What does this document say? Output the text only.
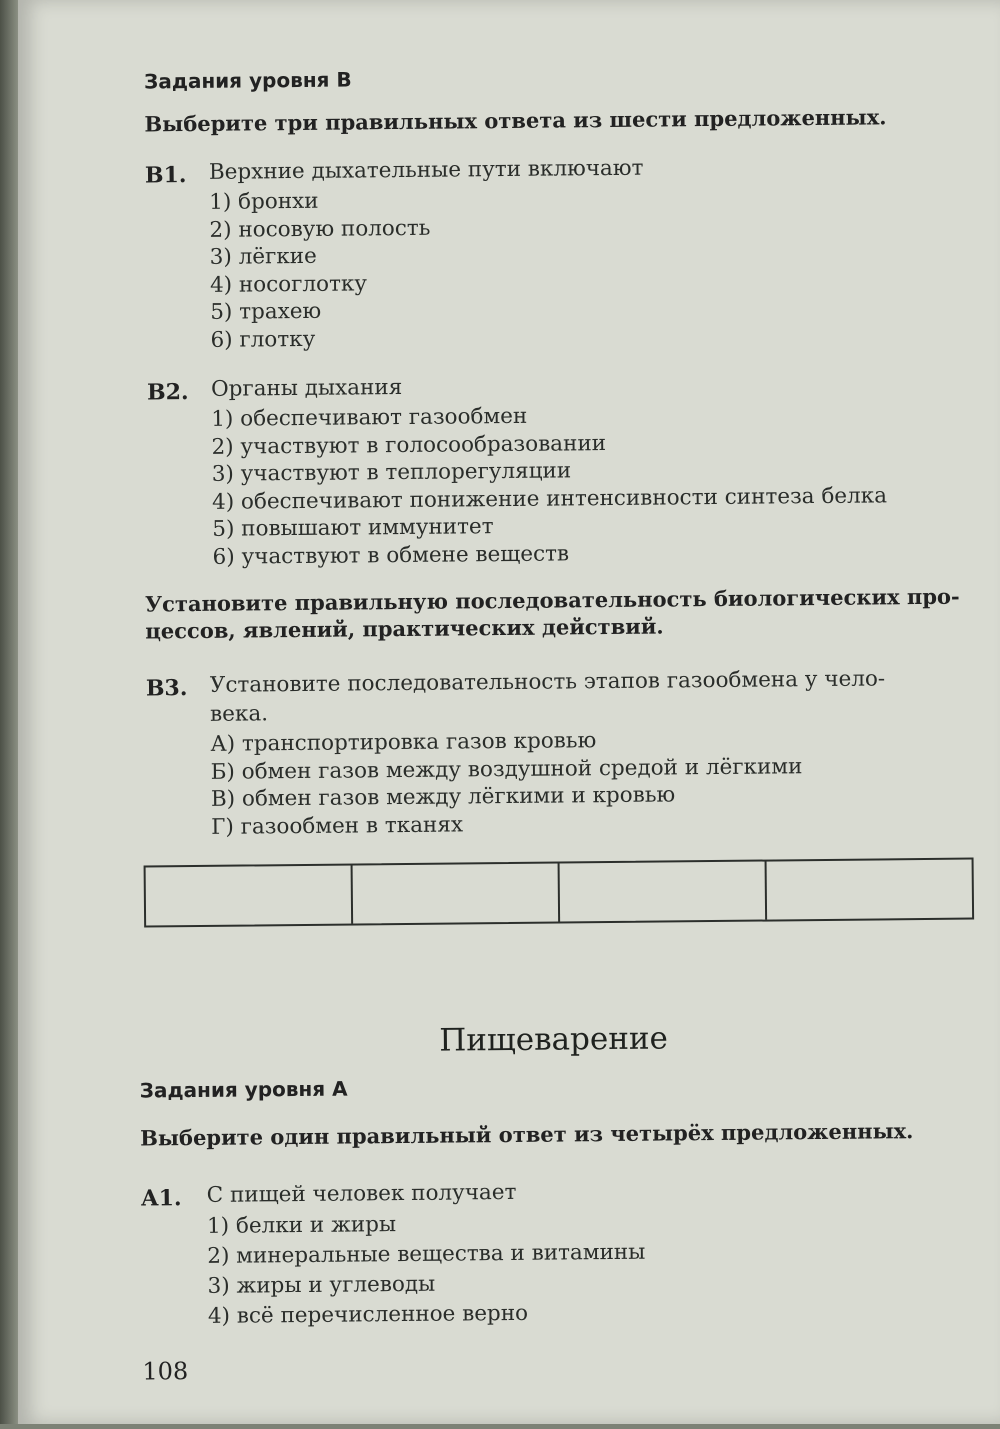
Задания уровня В
Выберите три правильных ответа из шести предложенных.
В1. Верхние дыхательные пути включают
1) бронхи
2) носовую полость
3) лёгкие
4) носоглотку
5) трахею
6) глотку
В2. Органы дыхания
1) обеспечивают газообмен
2) участвуют в голосообразовании
3) участвуют в теплорегуляции
4) обеспечивают понижение интенсивности синтеза белка
5) повышают иммунитет
6) участвуют в обмене веществ
Установите правильную последовательность биологических про-
цессов, явлений, практических действий.
В3. Установите последовательность этапов газообмена у чело-
века.
А) транспортировка газов кровью
Б) обмен газов между воздушной средой и лёгкими
В) обмен газов между лёгкими и кровью
Г) газообмен в тканях
Пищеварение
Задания уровня А
Выберите один правильный ответ из четырёх предложенных.
А1. С пищей человек получает
1) белки и жиры
2) минеральные вещества и витамины
3) жиры и углеводы
4) всё перечисленное верно
108
